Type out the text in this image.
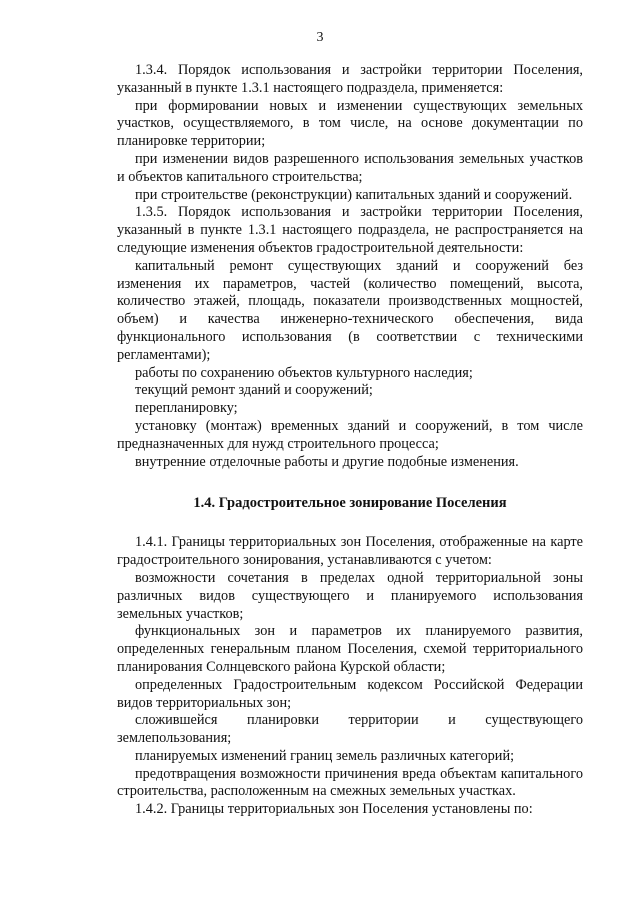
3

1.3.4. Порядок использования и застройки территории Поселения, указанный в пункте 1.3.1 настоящего подраздела, применяется:

при формировании новых и изменении существующих земельных участков, осуществляемого, в том числе, на основе документации по планировке территории;

при изменении видов разрешенного использования земельных участков и объектов капитального строительства;

при строительстве (реконструкции) капитальных зданий и сооружений.

1.3.5. Порядок использования и застройки территории Поселения, указанный в пункте 1.3.1 настоящего подраздела, не распространяется на следующие изменения объектов градостроительной деятельности:

капитальный ремонт существующих зданий и сооружений без изменения их параметров, частей (количество помещений, высота, количество этажей, площадь, показатели производственных мощностей, объем) и качества инженерно-технического обеспечения, вида функционального использования (в соответствии с техническими регламентами);

работы по сохранению объектов культурного наследия;

текущий ремонт зданий и сооружений;

перепланировку;

установку (монтаж) временных зданий и сооружений, в том числе предназначенных для нужд строительного процесса;

внутренние отделочные работы и другие подобные изменения.

1.4. Градостроительное зонирование Поселения

1.4.1. Границы территориальных зон Поселения, отображенные на карте градостроительного зонирования, устанавливаются с учетом:

возможности сочетания в пределах одной территориальной зоны различных видов существующего и планируемого использования земельных участков;

функциональных зон и параметров их планируемого развития, определенных генеральным планом Поселения, схемой территориального планирования Солнцевского района Курской области;

определенных Градостроительным кодексом Российской Федерации видов территориальных зон;

сложившейся планировки территории и существующего землепользования;

планируемых изменений границ земель различных категорий;

предотвращения возможности причинения вреда объектам капитального строительства, расположенным на смежных земельных участках.

1.4.2. Границы территориальных зон Поселения установлены по:
